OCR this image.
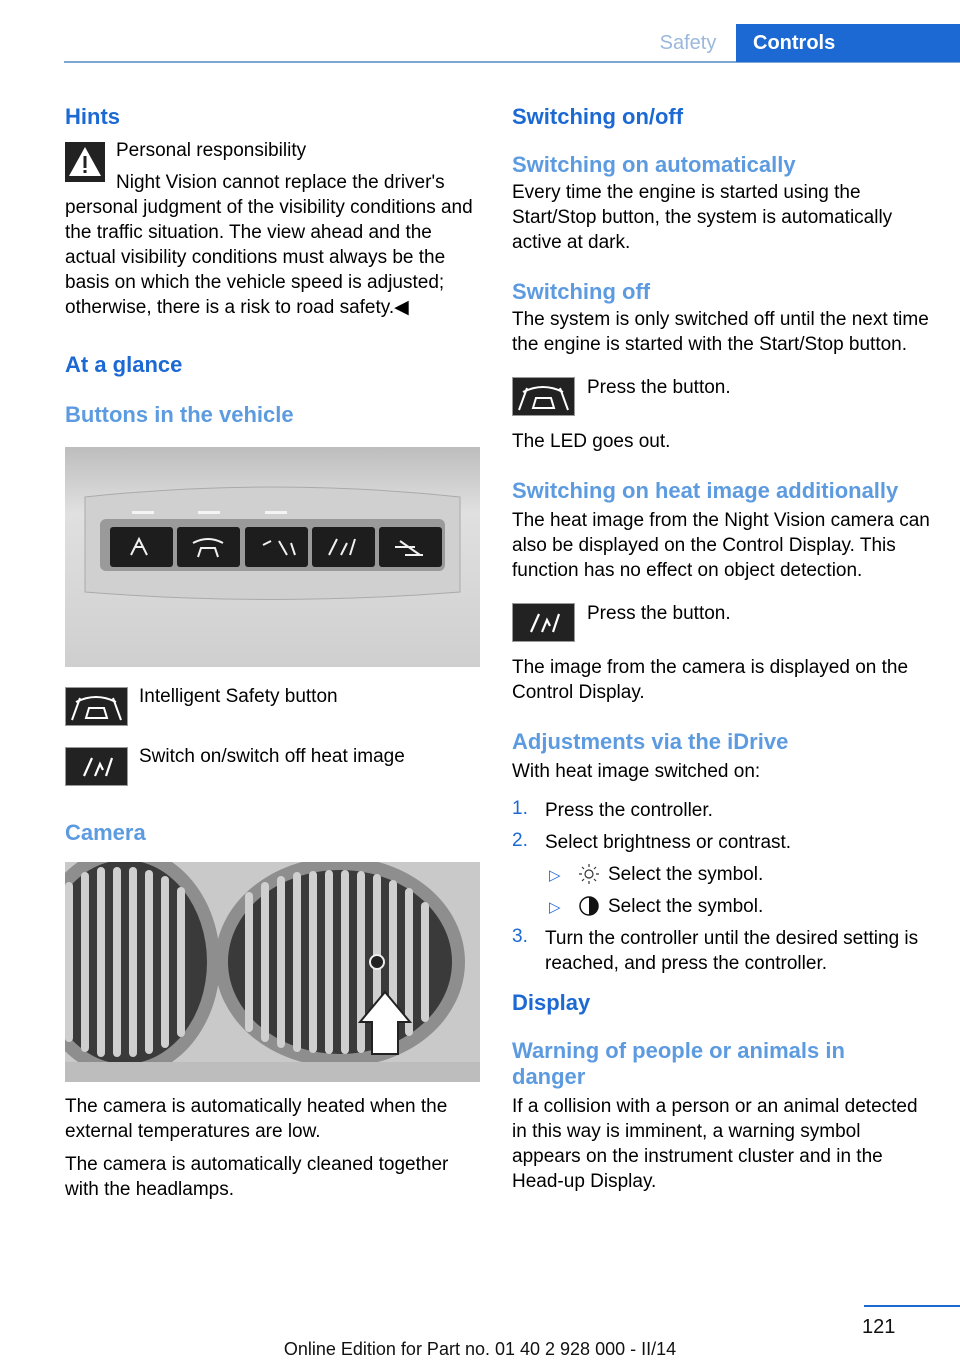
Safety	Controls
Hints

Personal responsibility

Night Vision cannot replace the driver's

personal judgment of the visibility conditions and the traffic situation. The view ahead and the actual visibility conditions must always be the basis on which the vehicle speed is adjusted; otherwise, there is a risk to road safety.◀

At a glance
Buttons in the vehicle

Intelligent Safety button

Switch on/switch off heat image

Camera

The camera is automatically heated when the external temperatures are low.

The camera is automatically cleaned together with the headlamps.

Switching on/off
Switching on automatically

Every time the engine is started using the Start/Stop button, the system is automatically active at dark.

Switching off

The system is only switched off until the next time the engine is started with the Start/Stop button.

Press the button.

The LED goes out.

Switching on heat image additionally

The heat image from the Night Vision camera can also be displayed on the Control Display. This function has no effect on object detection.

Press the button.

The image from the camera is displayed on the Control Display.

Adjustments via the iDrive

With heat image switched on:

1. Press the controller.
2. Select brightness or contrast.
▷ Select the symbol.
▷ Select the symbol.
3. Turn the controller until the desired setting is reached, and press the controller.
Display
Warning of people or animals in danger

If a collision with a person or an animal detected in this way is imminent, a warning symbol appears on the instrument cluster and in the Head-up Display.

121
Online Edition for Part no. 01 40 2 928 000 - II/14
